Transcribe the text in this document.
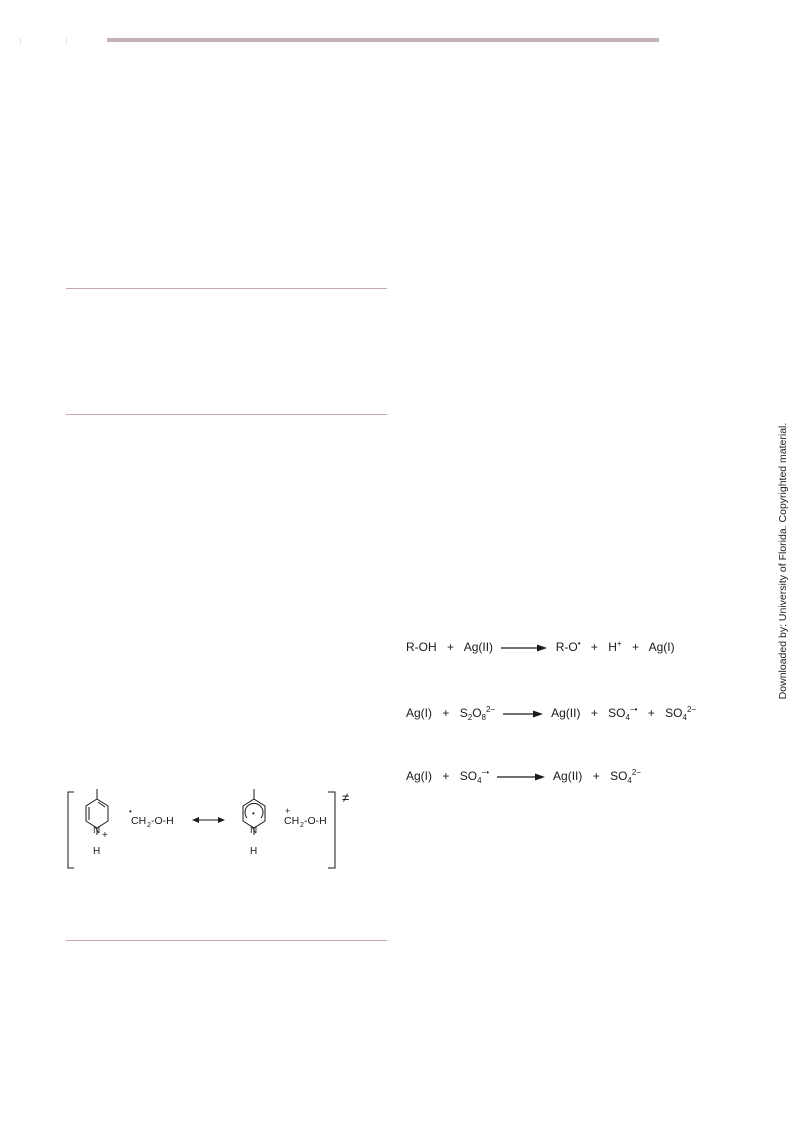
Downloaded by: University of Florida. Copyrighted material.
R-OH + Ag(II) → R-O• + H+ + Ag(I)
$Ag(I) + S_2O_8^{2-} \to Ag(II) + SO_4^{-•} + SO_4^{2-}$
$Ag(I) + SO_4^{-•} \to Ag(II) + SO_4^{2-}$
≠
N +
H
•
CH 2 -O-H
•
N
H
+
CH 2 -O-H
